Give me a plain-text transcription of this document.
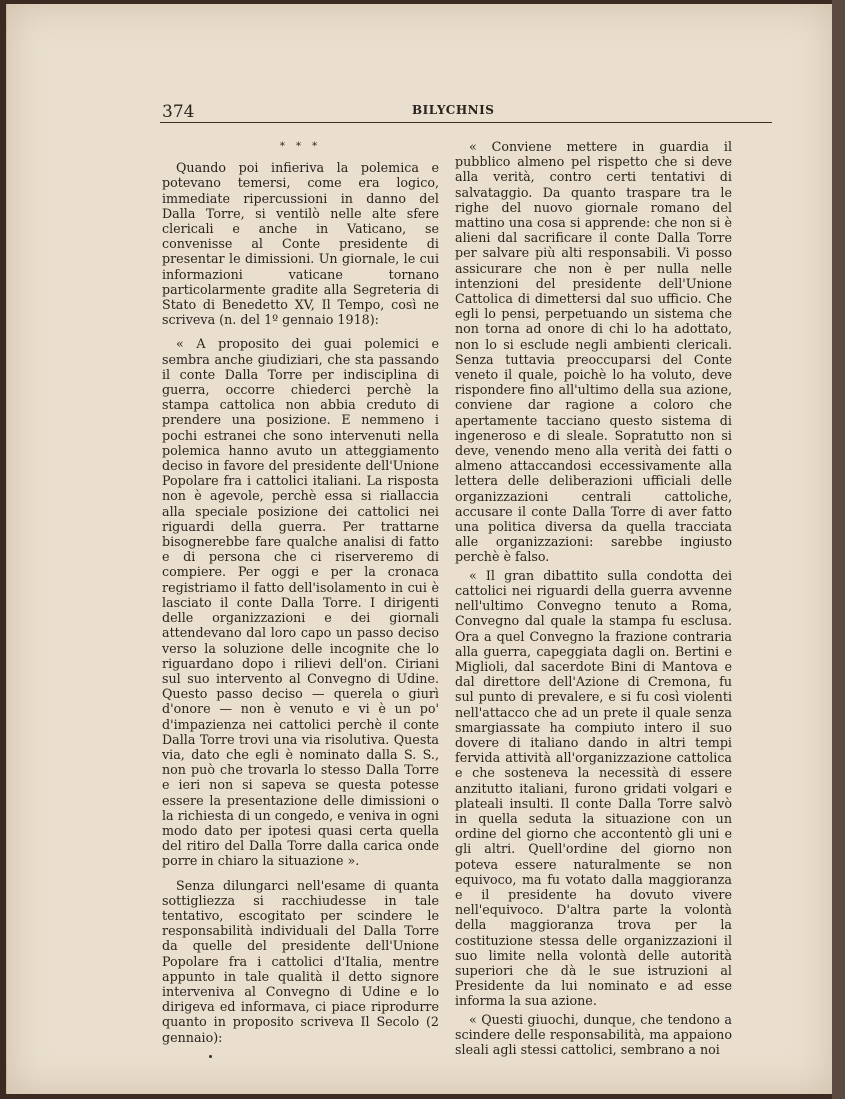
374	BILYCHNIS
* * *

Quando poi infieriva la polemica e potevano temersi, come era logico, immediate ripercussioni in danno del Dalla Torre, si ventilò nelle alte sfere clericali e anche in Vaticano, se convenisse al Conte presidente di presentar le dimissioni. Un giornale, le cui informazioni vaticane tornano particolarmente gradite alla Segreteria di Stato di Benedetto XV, Il Tempo, così ne scriveva (n. del 1º gennaio 1918):

« A proposito dei guai polemici e sembra anche giudiziari, che sta passando il conte Dalla Torre per indisciplina di guerra, occorre chiederci perchè la stampa cattolica non abbia creduto di prendere una posizione. E nemmeno i pochi estranei che sono intervenuti nella polemica hanno avuto un atteggiamento deciso in favore del presidente dell'Unione Popolare fra i cattolici italiani. La risposta non è agevole, perchè essa si riallaccia alla speciale posizione dei cattolici nei riguardi della guerra. Per trattarne bisognerebbe fare qualche analisi di fatto e di persona che ci riserveremo di compiere. Per oggi e per la cronaca registriamo il fatto dell'isolamento in cui è lasciato il conte Dalla Torre. I dirigenti delle organizzazioni e dei giornali attendevano dal loro capo un passo deciso verso la soluzione delle incognite che lo riguardano dopo i rilievi dell'on. Ciriani sul suo intervento al Convegno di Udine. Questo passo deciso — querela o giurì d'onore — non è venuto e vi è un po' d'impazienza nei cattolici perchè il conte Dalla Torre trovi una via risolutiva. Questa via, dato che egli è nominato dalla S. S., non può che trovarla lo stesso Dalla Torre e ieri non si sapeva se questa potesse essere la presentazione delle dimissioni o la richiesta di un congedo, e veniva in ogni modo dato per ipotesi quasi certa quella del ritiro del Dalla Torre dalla carica onde porre in chiaro la situazione ».

Senza dilungarci nell'esame di quanta sottigliezza si racchiudesse in tale tentativo, escogitato per scindere le responsabilità individuali del Dalla Torre da quelle del presidente dell'Unione Popolare fra i cattolici d'Italia, mentre appunto in tale qualità il detto signore interveniva al Convegno di Udine e lo dirigeva ed informava, ci piace riprodurre quanto in proposito scriveva Il Secolo (2 gennaio):

« Conviene mettere in guardia il pubblico almeno pel rispetto che si deve alla verità, contro certi tentativi di salvataggio. Da quanto traspare tra le righe del nuovo giornale romano del mattino una cosa si apprende: che non si è alieni dal sacrificare il conte Dalla Torre per salvare più alti responsabili. Vi posso assicurare che non è per nulla nelle intenzioni del presidente dell'Unione Cattolica di dimettersi dal suo ufficio. Che egli lo pensi, perpetuando un sistema che non torna ad onore di chi lo ha adottato, non lo si esclude negli ambienti clericali. Senza tuttavia preoccuparsi del Conte veneto il quale, poichè lo ha voluto, deve rispondere fino all'ultimo della sua azione, conviene dar ragione a coloro che apertamente tacciano questo sistema di ingeneroso e di sleale. Sopratutto non si deve, venendo meno alla verità dei fatti o almeno attaccandosi eccessivamente alla lettera delle deliberazioni ufficiali delle organizzazioni centrali cattoliche, accusare il conte Dalla Torre di aver fatto una politica diversa da quella tracciata alle organizzazioni: sarebbe ingiusto perchè è falso.

« Il gran dibattito sulla condotta dei cattolici nei riguardi della guerra avvenne nell'ultimo Convegno tenuto a Roma, Convegno dal quale la stampa fu esclusa. Ora a quel Convegno la frazione contraria alla guerra, capeggiata dagli on. Bertini e Miglioli, dal sacerdote Bini di Mantova e dal direttore dell'Azione di Cremona, fu sul punto di prevalere, e si fu così violenti nell'attacco che ad un prete il quale senza smargiassate ha compiuto intero il suo dovere di italiano dando in altri tempi fervida attività all'organizzazione cattolica e che sosteneva la necessità di essere anzitutto italiani, furono gridati volgari e plateali insulti. Il conte Dalla Torre salvò in quella seduta la situazione con un ordine del giorno che accontentò gli uni e gli altri. Quell'ordine del giorno non poteva essere naturalmente se non equivoco, ma fu votato dalla maggioranza e il presidente ha dovuto vivere nell'equivoco. D'altra parte la volontà della maggioranza trova per la costituzione stessa delle organizzazioni il suo limite nella volontà delle autorità superiori che dà le sue istruzioni al Presidente da lui nominato e ad esse informa la sua azione.

« Questi giuochi, dunque, che tendono a scindere delle responsabilità, ma appaiono sleali agli stessi cattolici, sembrano a noi
